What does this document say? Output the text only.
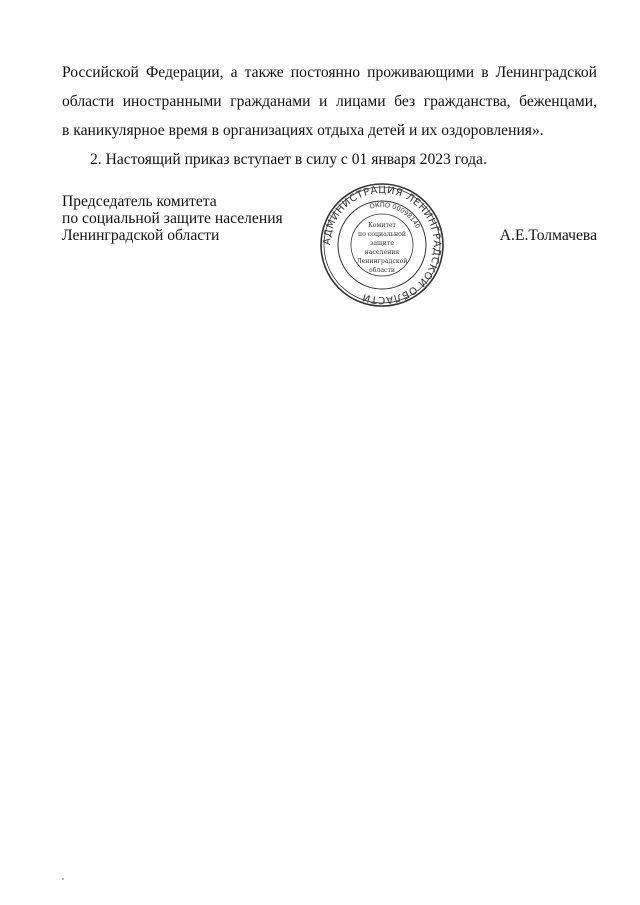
Российской Федерации, а также постоянно проживающими в Ленинградской
области иностранными гражданами и лицами без гражданства, беженцами,
в каникулярное время в организациях отдыха детей и их оздоровления».
2. Настоящий приказ вступает в силу с 01 января 2023 года.
Председатель комитета
по социальной защите населения
Ленинградской области	АДМИНИСТРАЦИЯ ЛЕНИНГРАДСКОЙ ОБЛАСТИ
ОКПО 00098140
Комитет
по социальной
защите
населения
Ленинградской
области
А.Е.Толмачева
